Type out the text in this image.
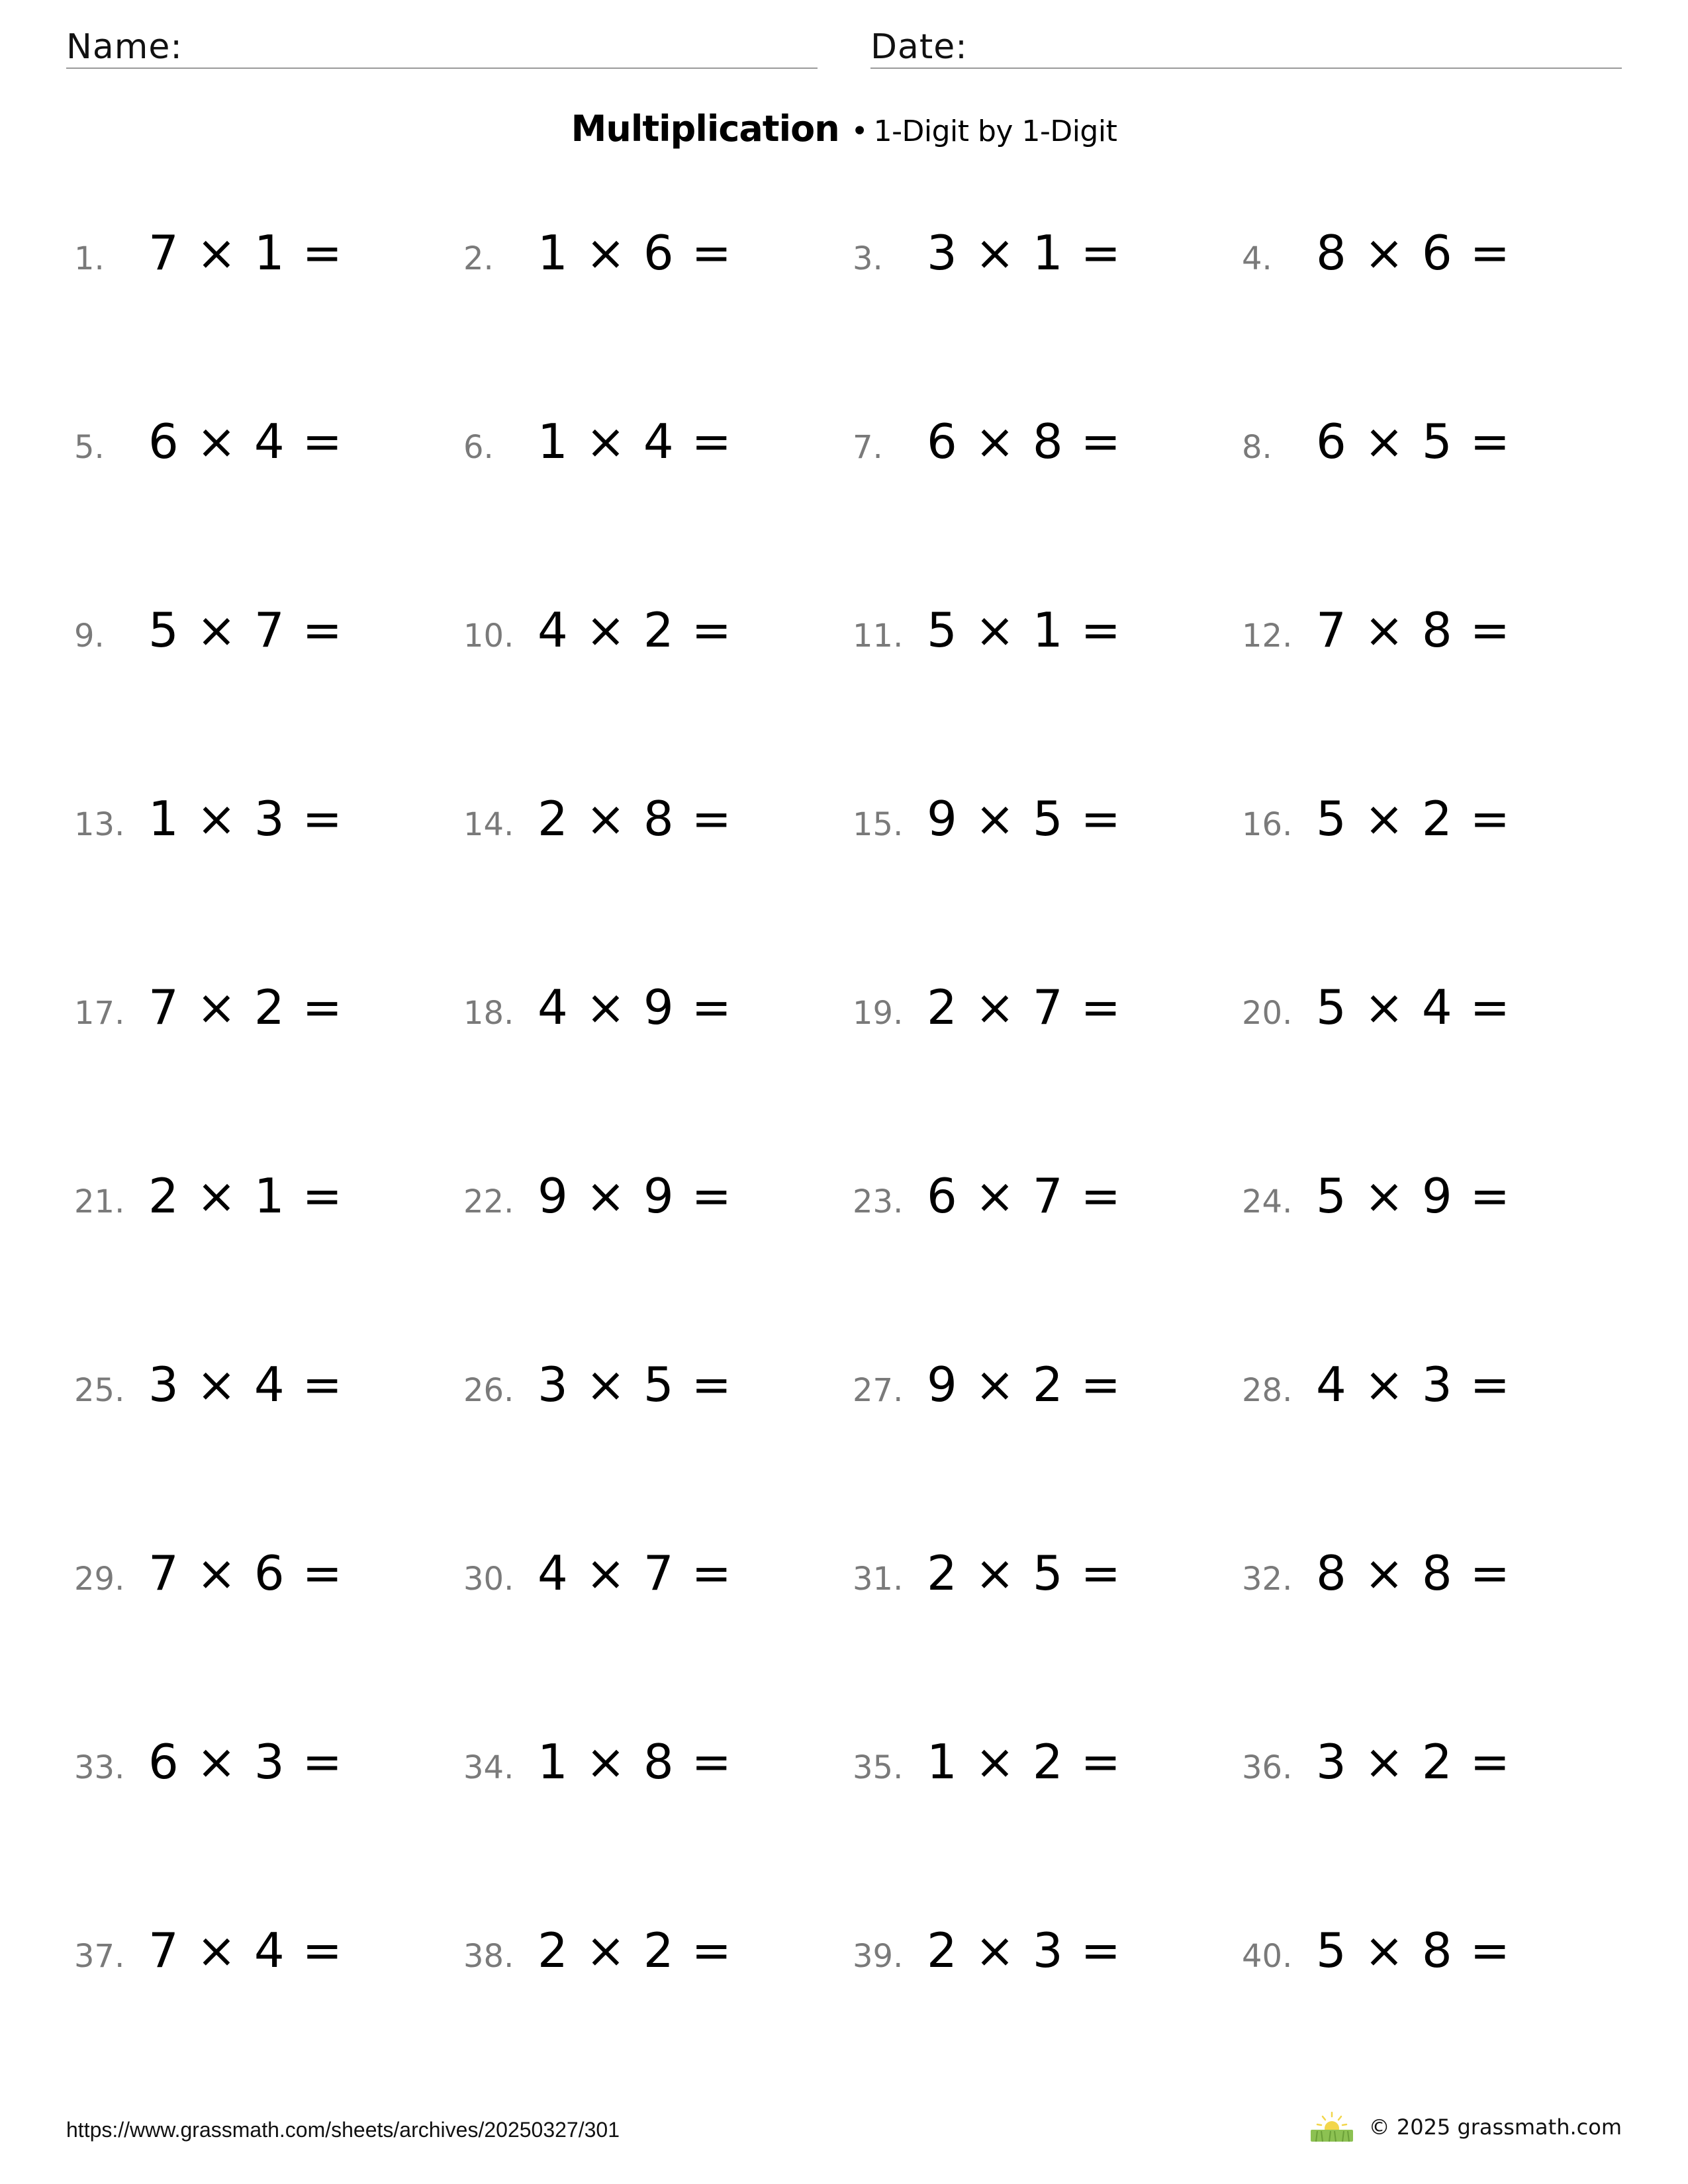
Name:	Date:
Multiplication • 1-Digit by 1-Digit
1. 7 × 1 =	2. 1 × 6 =	3. 3 × 1 =	4. 8 × 6 =
5. 6 × 4 =	6. 1 × 4 =	7. 6 × 8 =	8. 6 × 5 =
9. 5 × 7 =	10. 4 × 2 =	11. 5 × 1 =	12. 7 × 8 =
13. 1 × 3 =	14. 2 × 8 =	15. 9 × 5 =	16. 5 × 2 =
17. 7 × 2 =	18. 4 × 9 =	19. 2 × 7 =	20. 5 × 4 =
21. 2 × 1 =	22. 9 × 9 =	23. 6 × 7 =	24. 5 × 9 =
25. 3 × 4 =	26. 3 × 5 =	27. 9 × 2 =	28. 4 × 3 =
29. 7 × 6 =	30. 4 × 7 =	31. 2 × 5 =	32. 8 × 8 =
33. 6 × 3 =	34. 1 × 8 =	35. 1 × 2 =	36. 3 × 2 =
37. 7 × 4 =	38. 2 × 2 =	39. 2 × 3 =	40. 5 × 8 =
https://www.grassmath.com/sheets/archives/20250327/301	© 2025 grassmath.com
